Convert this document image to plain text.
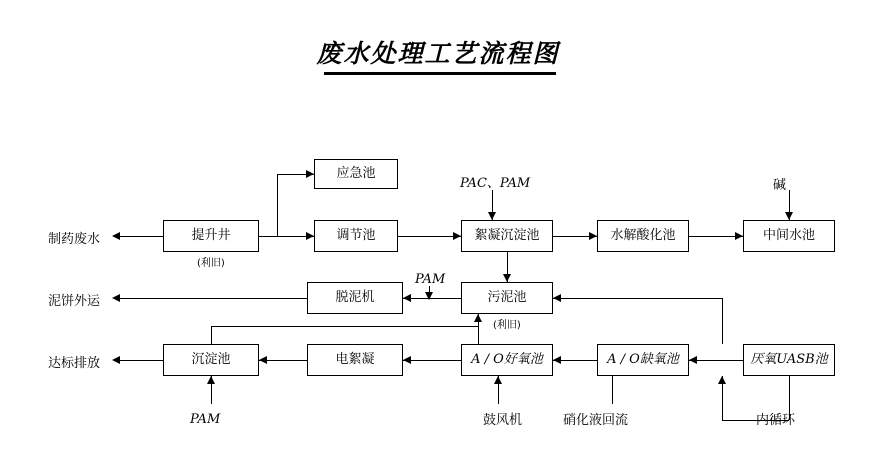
废水处理工艺流程图
提升井
(利旧)
应急池
调节池	絮凝沉淀池	水解酸化池	中间水池
脱泥机	污泥池
(利旧)
沉淀池	电絮凝	A / O好氧池	A / O缺氧池	厌氧UASB池
制药废水
泥饼外运
达标排放
PAC、PAM	碱
PAM
PAM	鼓风机	硝化液回流	内循环
